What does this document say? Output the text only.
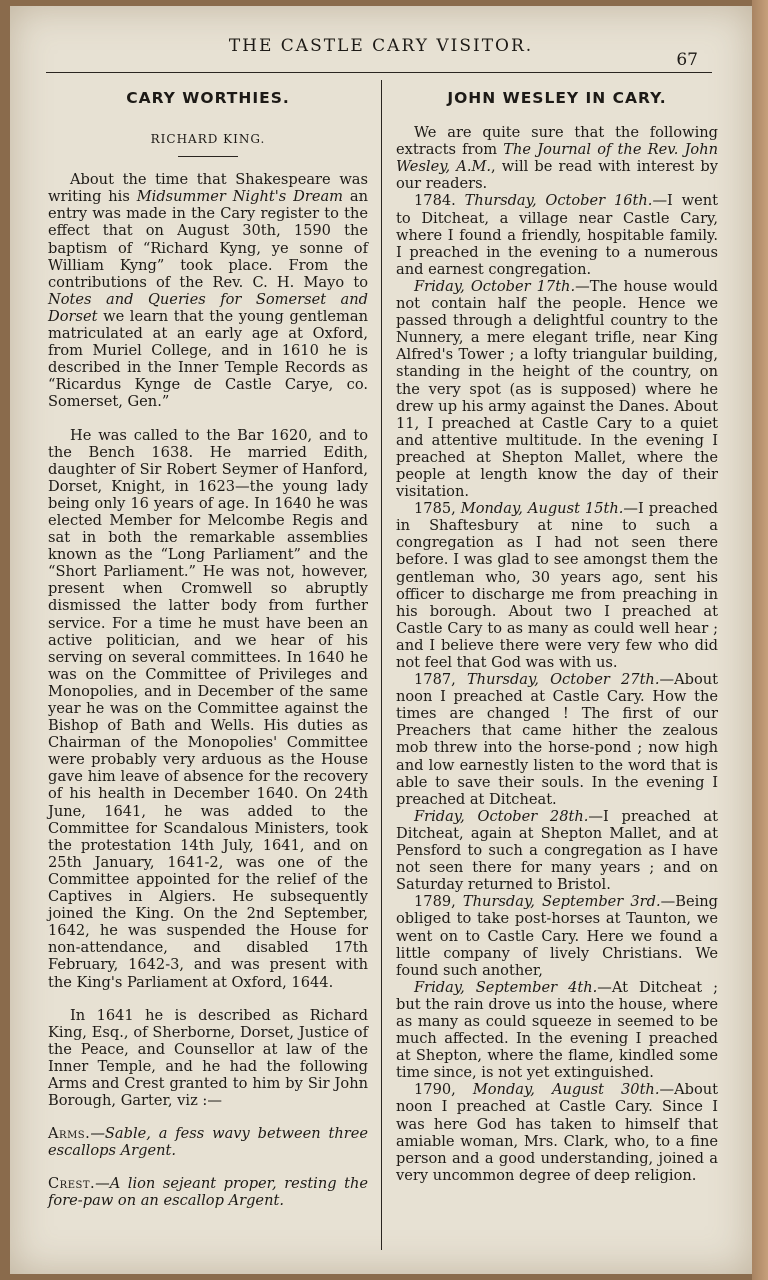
THE CASTLE CARY VISITOR.
67
CARY WORTHIES.
RICHARD KING.

About the time that Shakespeare was writing his Midsummer Night's Dream an entry was made in the Cary register to the effect that on August 30th, 1590 the baptism of “Richard Kyng, ye sonne of William Kyng” took place. From the contributions of the Rev. C. H. Mayo to Notes and Queries for Somerset and Dorset we learn that the young gentleman matriculated at an early age at Oxford, from Muriel College, and in 1610 he is described in the Inner Temple Records as “Ricardus Kynge de Castle Carye, co. Somerset, Gen.”

He was called to the Bar 1620, and to the Bench 1638. He married Edith, daughter of Sir Robert Seymer of Hanford, Dorset, Knight, in 1623—the young lady being only 16 years of age. In 1640 he was elected Member for Melcombe Regis and sat in both the remarkable assemblies known as the “Long Parliament” and the “Short Parliament.” He was not, however, present when Cromwell so abruptly dismissed the latter body from further service. For a time he must have been an active politician, and we hear of his serving on several committees. In 1640 he was on the Committee of Privileges and Monopolies, and in December of the same year he was on the Committee against the Bishop of Bath and Wells. His duties as Chairman of the Monopolies' Committee were probably very arduous as the House gave him leave of absence for the recovery of his health in December 1640. On 24th June, 1641, he was added to the Committee for Scandalous Ministers, took the protestation 14th July, 1641, and on 25th January, 1641-2, was one of the Committee appointed for the relief of the Captives in Algiers. He subsequently joined the King. On the 2nd September, 1642, he was suspended the House for non-attendance, and disabled 17th February, 1642-3, and was present with the King's Parliament at Oxford, 1644.

In 1641 he is described as Richard King, Esq., of Sherborne, Dorset, Justice of the Peace, and Counsellor at law of the Inner Temple, and he had the following Arms and Crest granted to him by Sir John Borough, Garter, viz :—

Arms.—Sable, a fess wavy between three escallops Argent.

Crest.—A lion sejeant proper, resting the fore-paw on an escallop Argent.

JOHN WESLEY IN CARY.

We are quite sure that the following extracts from The Journal of the Rev. John Wesley, A.M., will be read with interest by our readers.

1784. Thursday, October 16th.—I went to Ditcheat, a village near Castle Cary, where I found a friendly, hospitable family. I preached in the evening to a numerous and earnest congregation.

Friday, October 17th.—The house would not contain half the people. Hence we passed through a delightful country to the Nunnery, a mere elegant trifle, near King Alfred's Tower ; a lofty triangular building, standing in the height of the country, on the very spot (as is supposed) where he drew up his army against the Danes. About 11, I preached at Castle Cary to a quiet and attentive multitude. In the evening I preached at Shepton Mallet, where the people at length know the day of their visitation.

1785, Monday, August 15th.—I preached in Shaftesbury at nine to such a congregation as I had not seen there before. I was glad to see amongst them the gentleman who, 30 years ago, sent his officer to discharge me from preaching in his borough. About two I preached at Castle Cary to as many as could well hear ; and I believe there were very few who did not feel that God was with us.

1787, Thursday, October 27th.—About noon I preached at Castle Cary. How the times are changed ! The first of our Preachers that came hither the zealous mob threw into the horse-pond ; now high and low earnestly listen to the word that is able to save their souls. In the evening I preached at Ditcheat.

Friday, October 28th.—I preached at Ditcheat, again at Shepton Mallet, and at Pensford to such a congregation as I have not seen there for many years ; and on Saturday returned to Bristol.

1789, Thursday, September 3rd.—Being obliged to take post-horses at Taunton, we went on to Castle Cary. Here we found a little company of lively Christians. We found such another,

Friday, September 4th.—At Ditcheat ; but the rain drove us into the house, where as many as could squeeze in seemed to be much affected. In the evening I preached at Shepton, where the flame, kindled some time since, is not yet extinguished.

1790, Monday, August 30th.—About noon I preached at Castle Cary. Since I was here God has taken to himself that amiable woman, Mrs. Clark, who, to a fine person and a good understanding, joined a very uncommon degree of deep religion.
